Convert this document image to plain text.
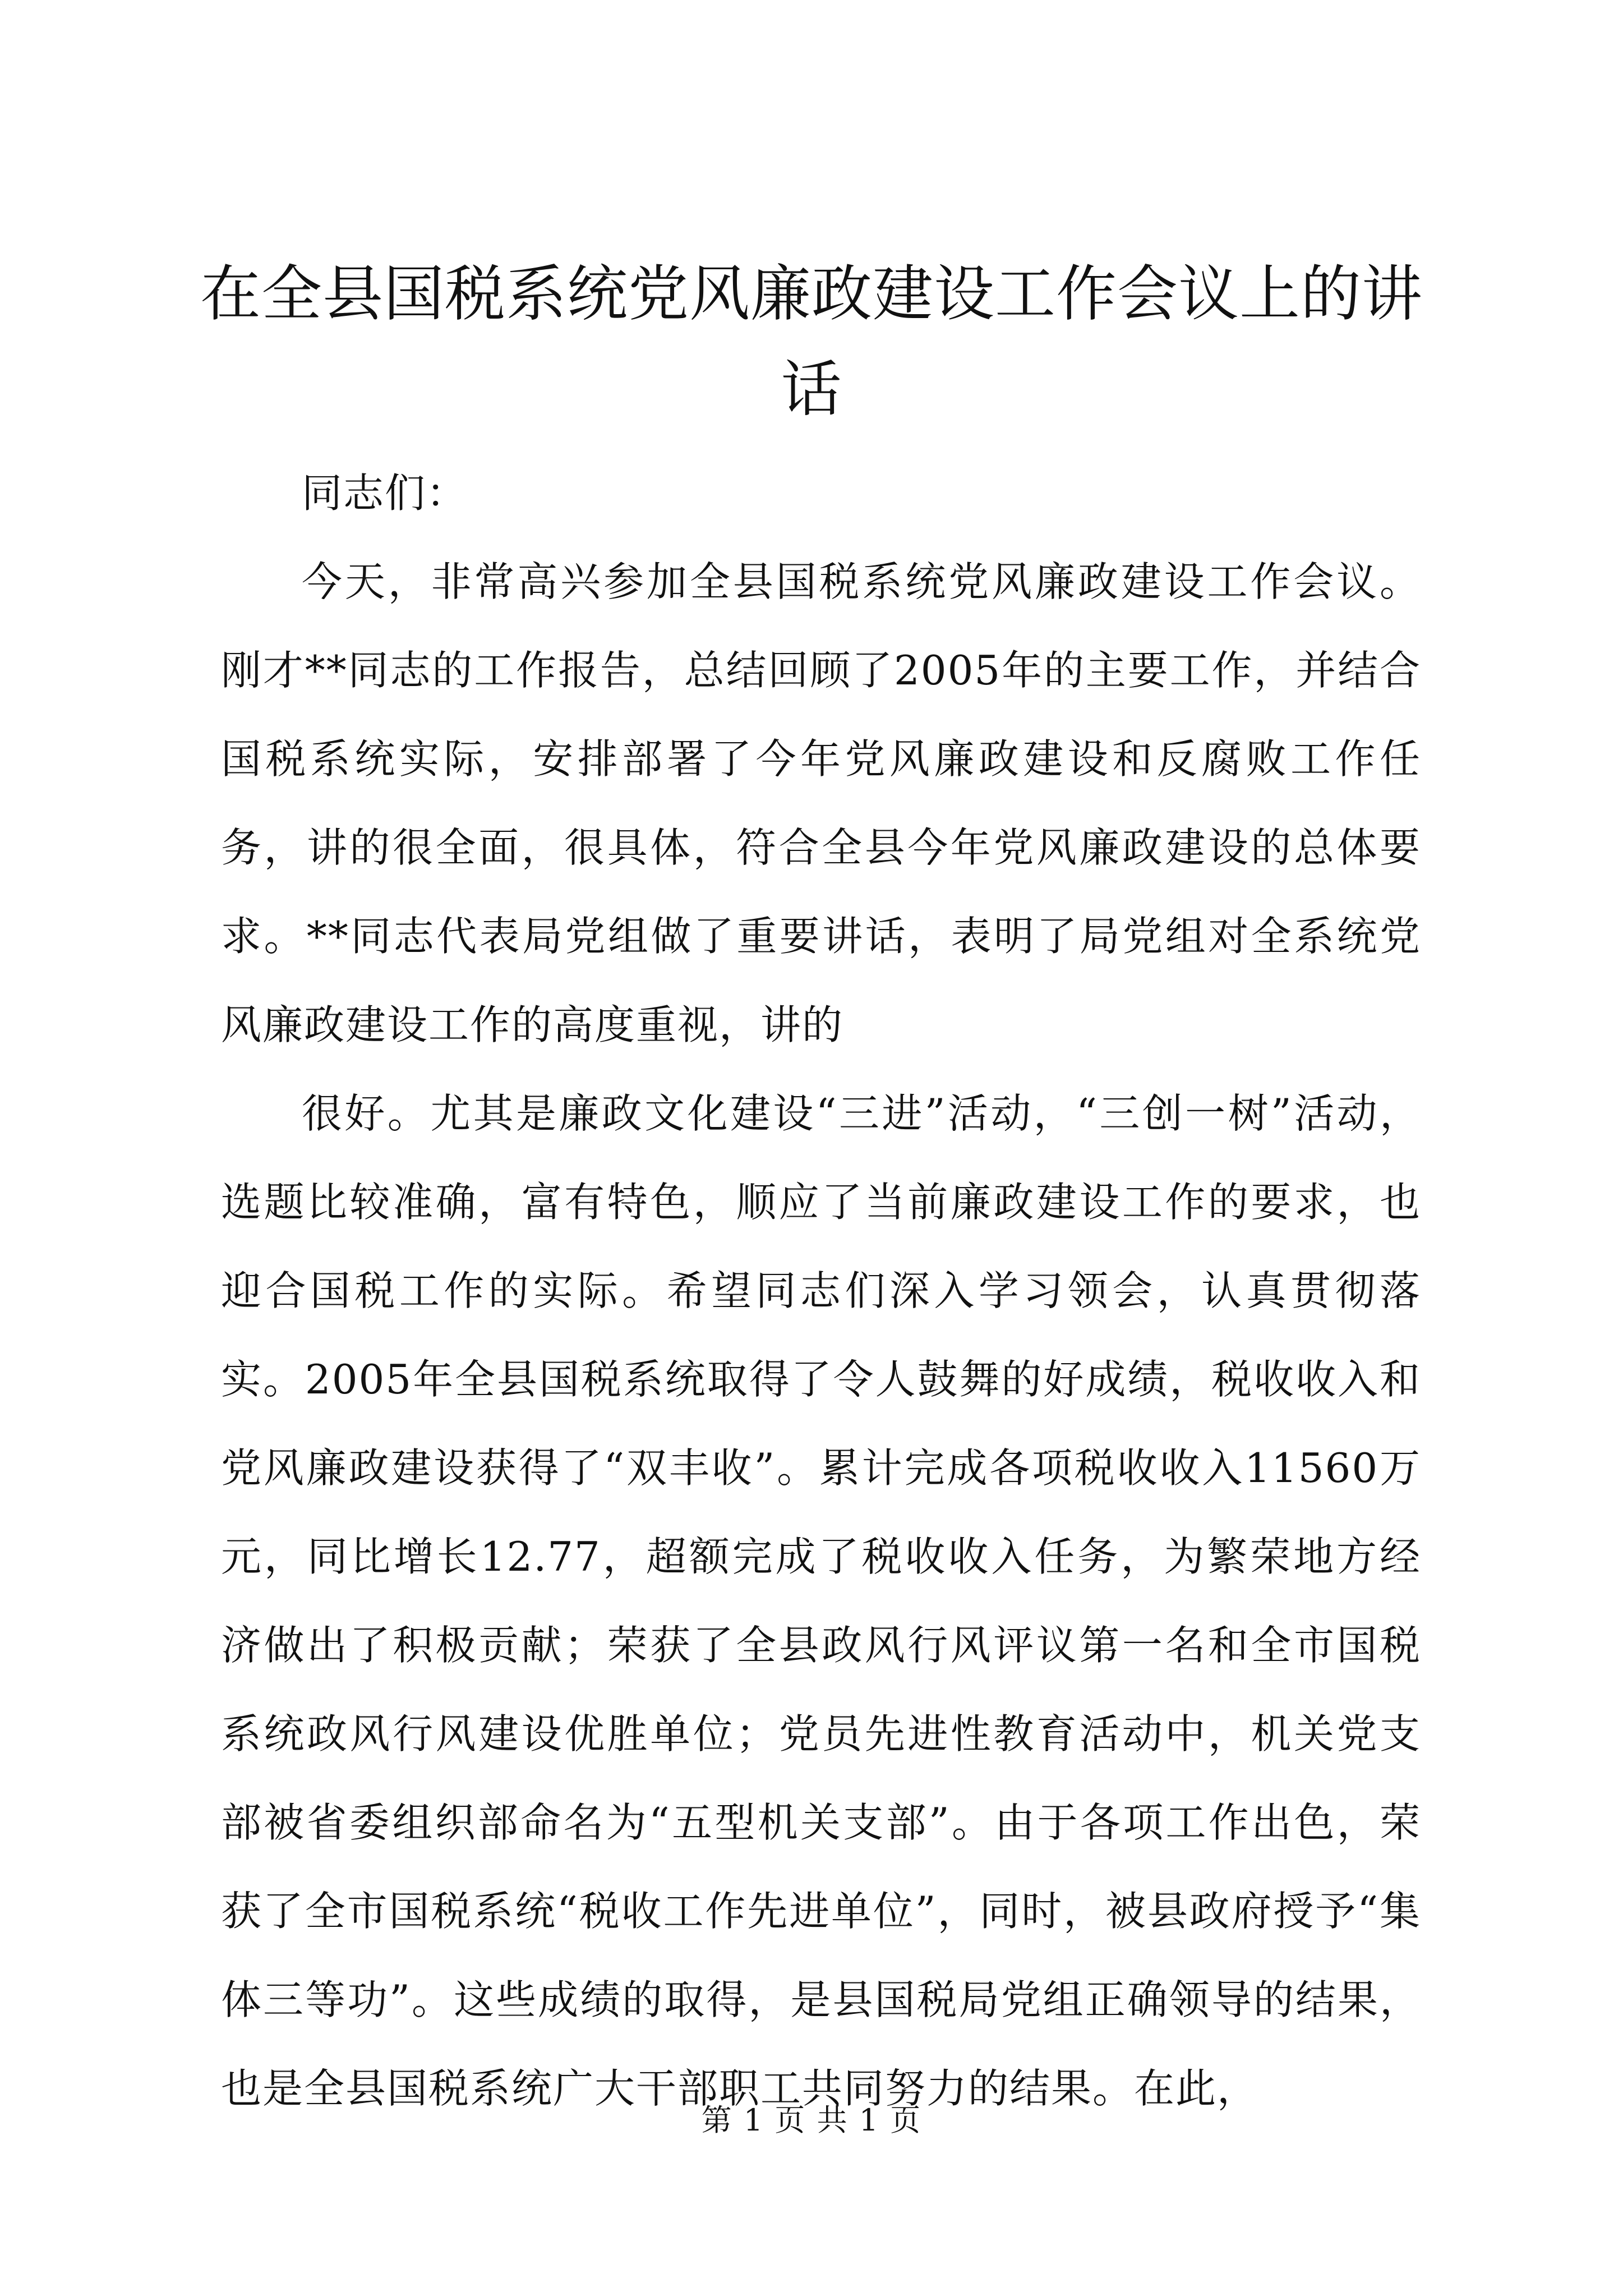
在全县国税系统党风廉政建设工作会议上的讲话

同志们：

今天，非常高兴参加全县国税系统党风廉政建设工作会议。刚才**同志的工作报告，总结回顾了2005年的主要工作，并结合国税系统实际，安排部署了今年党风廉政建设和反腐败工作任务，讲的很全面，很具体，符合全县今年党风廉政建设的总体要求。**同志代表局党组做了重要讲话，表明了局党组对全系统党风廉政建设工作的高度重视，讲的

很好。尤其是廉政文化建设“三进”活动，“三创一树”活动，选题比较准确，富有特色，顺应了当前廉政建设工作的要求，也迎合国税工作的实际。希望同志们深入学习领会，认真贯彻落实。2005年全县国税系统取得了令人鼓舞的好成绩，税收收入和党风廉政建设获得了“双丰收”。累计完成各项税收收入11560万元，同比增长12.77，超额完成了税收收入任务，为繁荣地方经济做出了积极贡献；荣获了全县政风行风评议第一名和全市国税系统政风行风建设优胜单位；党员先进性教育活动中，机关党支部被省委组织部命名为“五型机关支部”。由于各项工作出色，荣获了全市国税系统“税收工作先进单位”，同时，被县政府授予“集体三等功”。这些成绩的取得，是县国税局党组正确领导的结果，也是全县国税系统广大干部职工共同努力的结果。在此，

第 1 页 共 1 页
